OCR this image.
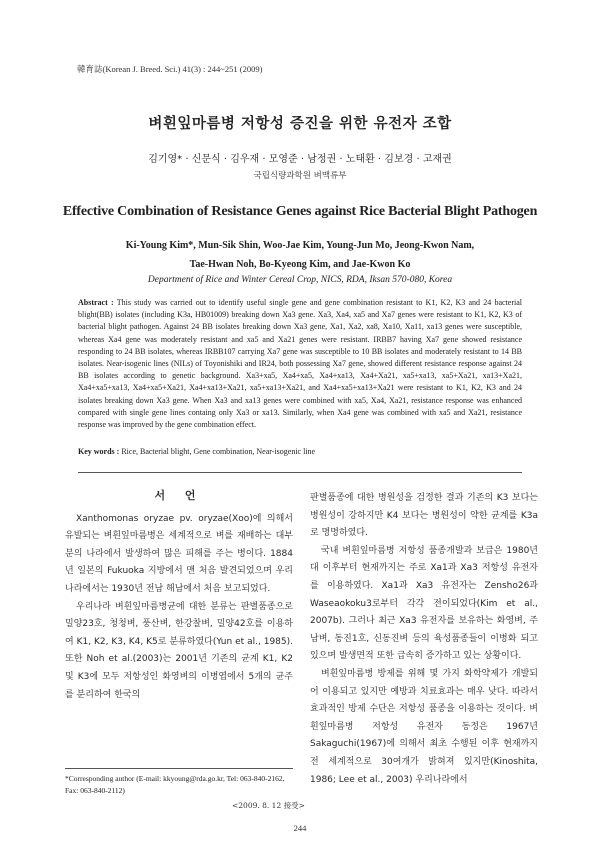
韓育誌(Korean J. Breed. Sci.) 41(3) : 244~251 (2009)
벼흰잎마름병 저항성 증진을 위한 유전자 조합
김기영* · 신문식 · 김우재 · 모영준 · 남정권 · 노태환 · 김보경 · 고재권
국립식량과학원 벼맥류부
Effective Combination of Resistance Genes against Rice Bacterial Blight Pathogen
Ki-Young Kim*, Mun-Sik Shin, Woo-Jae Kim, Young-Jun Mo, Jeong-Kwon Nam,
Tae-Hwan Noh, Bo-Kyeong Kim, and Jae-Kwon Ko
Department of Rice and Winter Cereal Crop, NICS, RDA, Iksan 570-080, Korea
Abstract : This study was carried out to identify useful single gene and gene combination resistant to K1, K2, K3 and 24 bacterial blight(BB) isolates (including K3a, HB01009) breaking down Xa3 gene. Xa3, Xa4, xa5 and Xa7 genes were resistant to K1, K2, K3 of bacterial blight pathogen. Against 24 BB isolates breaking down Xa3 gene, Xa1, Xa2, xa8, Xa10, Xa11, xa13 genes were susceptible, whereas Xa4 gene was moderately resistant and xa5 and Xa21 genes were resistant. IRBB7 having Xa7 gene showed resistance responding to 24 BB isolates, whereas IRBB107 carrying Xa7 gene was susceptible to 10 BB isolates and moderately resistant to 14 BB isolates. Near-isogenic lines (NILs) of Toyonishiki and IR24, both possessing Xa7 gene, showed different resistance response against 24 BB isolates according to genetic background. Xa3+xa5, Xa4+xa5, Xa4+xa13, Xa4+Xa21, xa5+xa13, xa5+Xa21, xa13+Xa21, Xa4+xa5+xa13, Xa4+xa5+Xa21, Xa4+xa13+Xa21, xa5+xa13+Xa21, and Xa4+xa5+xa13+Xa21 were resistant to K1, K2, K3 and 24 isolates breaking down Xa3 gene. When Xa3 and xa13 genes were combined with xa5, Xa4, Xa21, resistance response was enhanced compared with single gene lines containg only Xa3 or xa13. Similarly, when Xa4 gene was combined with xa5 and Xa21, resistance response was improved by the gene combination effect.
Key words : Rice, Bacterial blight, Gene combination, Near-isogenic line

서 언

Xanthomonas oryzae pv. oryzae(Xoo)에 의해서 유발되는 벼흰잎마름병은 세계적으로 벼를 재배하는 대부분의 나라에서 발생하여 많은 피해를 주는 병이다. 1884년 일본의 Fukuoka 지방에서 맨 처음 발견되었으며 우리나라에서는 1930년 전남 해남에서 처음 보고되었다.

우리나라 벼흰잎마름병균에 대한 분류는 판별품종으로 밀양23호, 청청벼, 풍산벼, 한강찰벼, 밀양42호를 이용하여 K1, K2, K3, K4, K5로 분류하였다(Yun et al., 1985). 또한 Noh et al.(2003)는 2001년 기존의 균계 K1, K2 및 K3에 모두 저항성인 화영벼의 이병엽에서 5개의 균주를 분리하여 한국의

판별품종에 대한 병원성을 검정한 결과 기존의 K3 보다는 병원성이 강하지만 K4 보다는 병원성이 약한 균계를 K3a로 명명하였다.

국내 벼흰잎마름병 저항성 품종개발과 보급은 1980년대 이후부터 현재까지는 주로 Xa1과 Xa3 저항성 유전자를 이용하였다. Xa1과 Xa3 유전자는 Zensho26과 Waseaokoku3로부터 각각 전이되었다(Kim et al., 2007b). 그러나 최근 Xa3 유전자를 보유하는 화영벼, 주남벼, 동진1호, 신동진벼 등의 육성품종들이 이병화 되고 있으며 발생면적 또한 급속히 증가하고 있는 상황이다.

벼흰잎마름병 방제를 위해 몇 가지 화학약제가 개발되어 이용되고 있지만 예방과 치료효과는 매우 낮다. 따라서 효과적인 방제 수단은 저항성 품종을 이용하는 것이다. 벼흰잎마름병 저항성 유전자 동정은 1967년 Sakaguchi(1967)에 의해서 최초 수행된 이후 현재까지 전 세계적으로 30여개가 밝혀져 있지만(Kinoshita, 1986; Lee et al., 2003) 우리나라에서

*Corresponding author (E-mail: kkyoung@rda.go.kr, Tel: 063-840-2162, Fax: 063-840-2112)
<2009. 8. 12 接受>
244
